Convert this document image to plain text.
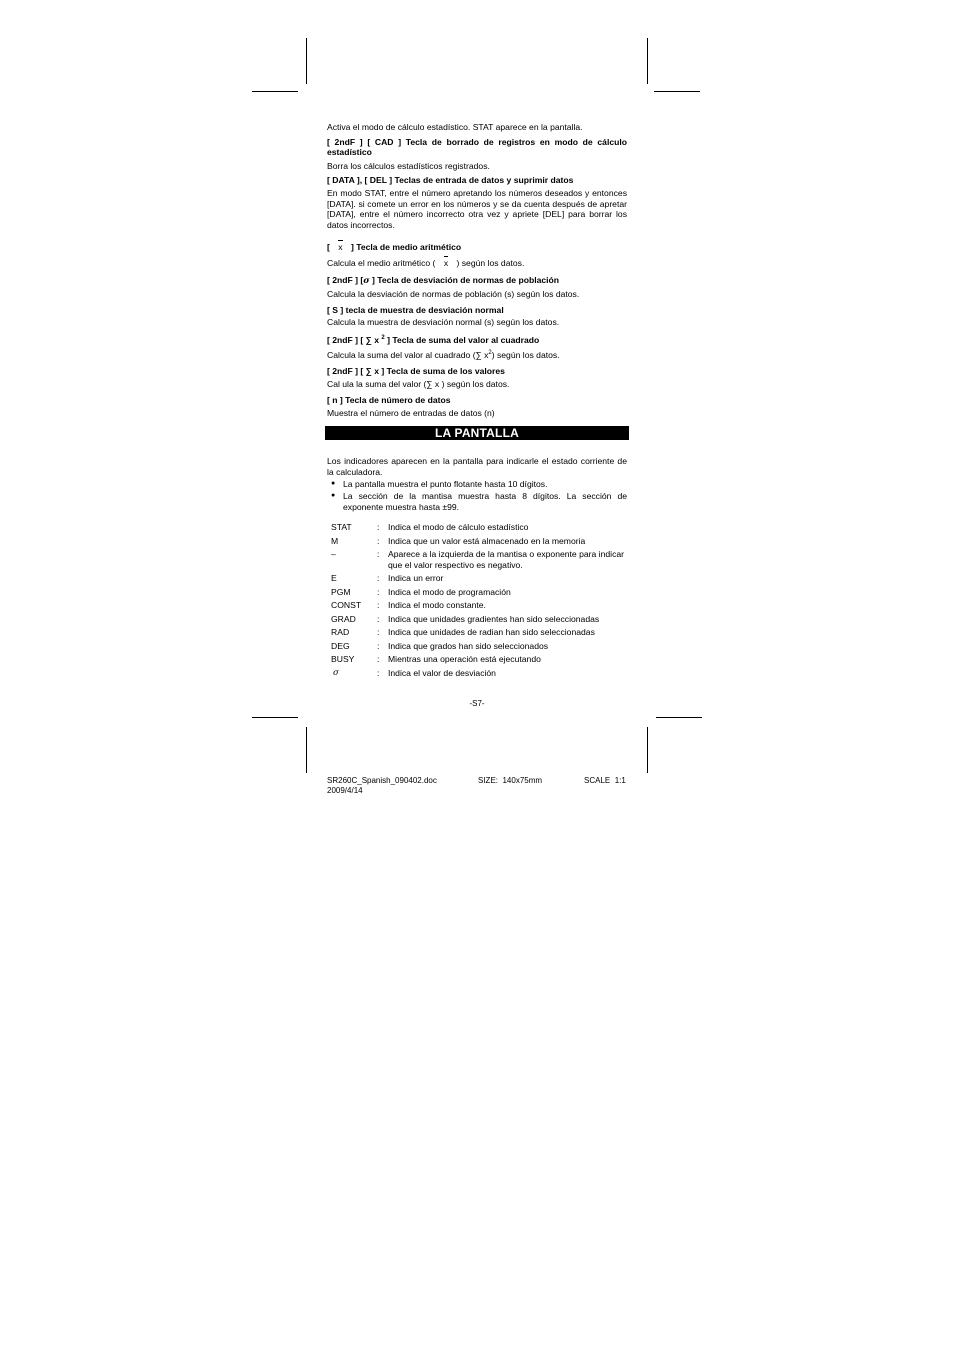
Activa el modo de cálculo estadístico. STAT aparece en la pantalla.

[ 2ndF ] [ CAD ] Tecla de borrado de registros en modo de cálculo estadístico

Borra los cálculos estadísticos registrados.

[ DATA ], [ DEL ] Teclas de entrada de datos y suprimir datos

En modo STAT, entre el número apretando los números deseados y entonces [DATA]. si comete un error en los números y se da cuenta después de apretar [DATA], entre el número incorrecto otra vez y apriete [DEL] para borrar los datos incorrectos.

[ x ] Tecla de medio aritmético

Calcula el medio aritmético ( x ) según los datos.

[ 2ndF ] [σ ] Tecla de desviación de normas de población

Calcula la desviación de normas de población (s) según los datos.

[ S ] tecla de muestra de desviación normal

Calcula la muestra de desviación normal (s) según los datos.

[ 2ndF ] [ ∑ x $^2$ ] Tecla de suma del valor al cuadrado

Calcula la suma del valor al cuadrado (∑ $x^2$) según los datos.

[ 2ndF ] [ ∑ x ] Tecla de suma de los valores

Cal ula la suma del valor (∑ x ) según los datos.

[ n ] Tecla de número de datos

Muestra el número de entradas de datos (n)

LA PANTALLA

Los indicadores aparecen en la pantalla para indicarle el estado corriente de la calculadora.

● La pantalla muestra el punto flotante hasta 10 dígitos.
● La sección de la mantisa muestra hasta 8 dígitos. La sección de exponente muestra hasta ±99.
STAT	:	Indica el modo de cálculo estadístico
M	:	Indica que un valor está almacenado en la memoria
–	:	Aparece a la izquierda de la mantisa o exponente para indicar que el valor respectivo es negativo.
E	:	Indica un error
PGM	:	Indica el modo de programación
CONST	:	Indica el modo constante.
GRAD	:	Indica que unidades gradientes han sido seleccionadas
RAD	:	Indica que unidades de radian han sido seleccionadas
DEG	:	Indica que grados han sido seleccionados
BUSY	:	Mientras una operación está ejecutando
σ	:	Indica el valor de desviación
-S7-
SR260C_Spanish_090402.doc
2009/4/14
SIZE: 140x75mm	SCALE 1:1
